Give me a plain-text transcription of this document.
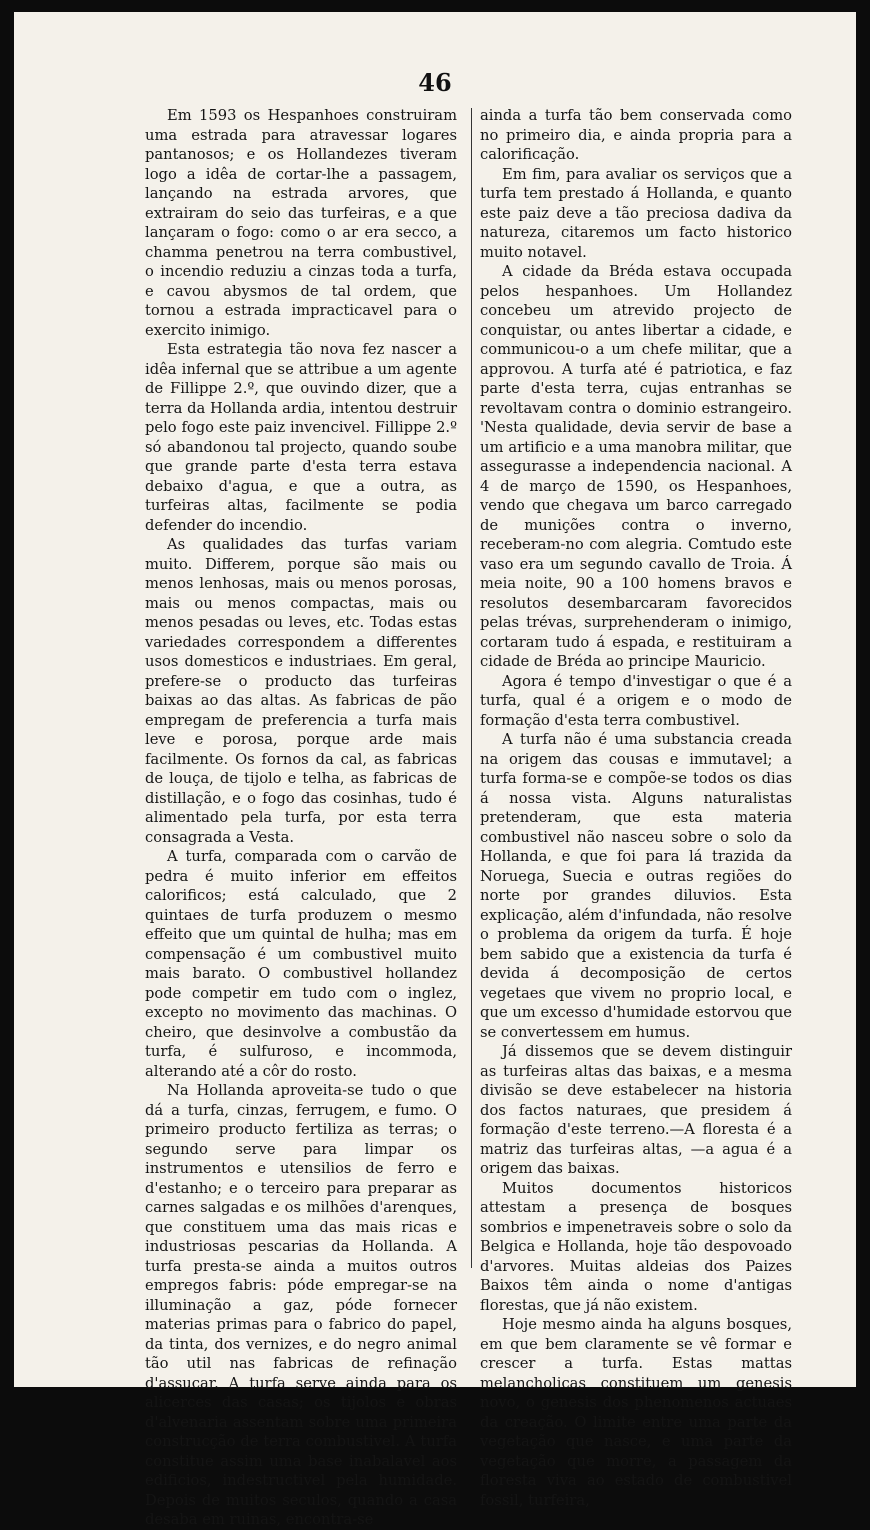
46

Em 1593 os Hespanhoes construiram uma estrada para atravessar logares pantanosos; e os Hollandezes tiveram logo a idêa de cortar-lhe a passagem, lançando na estrada arvores, que extrairam do seio das turfeiras, e a que lançaram o fogo: como o ar era secco, a chamma penetrou na terra combustivel, o incendio reduziu a cinzas toda a turfa, e cavou abysmos de tal ordem, que tornou a estrada impracticavel para o exercito inimigo.

Esta estrategia tão nova fez nascer a idêa infernal que se attribue a um agente de Fillippe 2.º, que ouvindo dizer, que a terra da Hollanda ardia, intentou destruir pelo fogo este paiz invencivel. Fillippe 2.º só abandonou tal projecto, quando soube que grande parte d'esta terra estava debaixo d'agua, e que a outra, as turfeiras altas, facilmente se podia defender do incendio.

As qualidades das turfas variam muito. Differem, porque são mais ou menos lenhosas, mais ou menos porosas, mais ou menos compactas, mais ou menos pesadas ou leves, etc. Todas estas variedades correspondem a differentes usos domesticos e industriaes. Em geral, prefere-se o producto das turfeiras baixas ao das altas. As fabricas de pão empregam de preferencia a turfa mais leve e porosa, porque arde mais facilmente. Os fornos da cal, as fabricas de louça, de tijolo e telha, as fabricas de distillação, e o fogo das cosinhas, tudo é alimentado pela turfa, por esta terra consagrada a Vesta.

A turfa, comparada com o carvão de pedra é muito inferior em effeitos calorificos; está calculado, que 2 quintaes de turfa produzem o mesmo effeito que um quintal de hulha; mas em compensação é um combustivel muito mais barato. O combustivel hollandez pode competir em tudo com o inglez, excepto no movimento das machinas. O cheiro, que desinvolve a combustão da turfa, é sulfuroso, e incommoda, alterando até a côr do rosto.

Na Hollanda aproveita-se tudo o que dá a turfa, cinzas, ferrugem, e fumo. O primeiro producto fertiliza as terras; o segundo serve para limpar os instrumentos e utensilios de ferro e d'estanho; e o terceiro para preparar as carnes salgadas e os milhões d'arenques, que constituem uma das mais ricas e industriosas pescarias da Hollanda. A turfa presta-se ainda a muitos outros empregos fabris: póde empregar-se na illuminação a gaz, póde fornecer materias primas para o fabrico do papel, da tinta, dos vernizes, e do negro animal tão util nas fabricas de refinação d'assucar. A turfa serve ainda para os alicerces das casas; os tijolos e obras d'alvenaria assentam sobre uma primeira construcção de terra combustivel. A turfa constitue assim uma base inabalavel aos edificios, indestructivel pela humidade. Depois de muitos seculos, quando a casa desaba em ruinas, encontra-se

ainda a turfa tão bem conservada como no primeiro dia, e ainda propria para a calorificação.

Em fim, para avaliar os serviços que a turfa tem prestado á Hollanda, e quanto este paiz deve a tão preciosa dadiva da natureza, citaremos um facto historico muito notavel.

A cidade da Bréda estava occupada pelos hespanhoes. Um Hollandez concebeu um atrevido projecto de conquistar, ou antes libertar a cidade, e communicou-o a um chefe militar, que a approvou. A turfa até é patriotica, e faz parte d'esta terra, cujas entranhas se revoltavam contra o dominio estrangeiro. 'Nesta qualidade, devia servir de base a um artificio e a uma manobra militar, que assegurasse a independencia nacional. A 4 de março de 1590, os Hespanhoes, vendo que chegava um barco carregado de munições contra o inverno, receberam-no com alegria. Comtudo este vaso era um segundo cavallo de Troia. Á meia noite, 90 a 100 homens bravos e resolutos desembarcaram favorecidos pelas trévas, surprehenderam o inimigo, cortaram tudo á espada, e restituiram a cidade de Bréda ao principe Mauricio.

Agora é tempo d'investigar o que é a turfa, qual é a origem e o modo de formação d'esta terra combustivel.

A turfa não é uma substancia creada na origem das cousas e immutavel; a turfa forma-se e compõe-se todos os dias á nossa vista. Alguns naturalistas pretenderam, que esta materia combustivel não nasceu sobre o solo da Hollanda, e que foi para lá trazida da Noruega, Suecia e outras regiões do norte por grandes diluvios. Esta explicação, além d'infundada, não resolve o problema da origem da turfa. É hoje bem sabido que a existencia da turfa é devida á decomposição de certos vegetaes que vivem no proprio local, e que um excesso d'humidade estorvou que se convertessem em humus.

Já dissemos que se devem distinguir as turfeiras altas das baixas, e a mesma divisão se deve estabelecer na historia dos factos naturaes, que presidem á formação d'este terreno.—A floresta é a matriz das turfeiras altas, —a agua é a origem das baixas.

Muitos documentos historicos attestam a presença de bosques sombrios e impenetraveis sobre o solo da Belgica e Hollanda, hoje tão despovoado d'arvores. Muitas aldeias dos Paizes Baixos têm ainda o nome d'antigas florestas, que já não existem.

Hoje mesmo ainda ha alguns bosques, em que bem claramente se vê formar e crescer a turfa. Estas mattas melancholicas constituem um genesis novo, o genesis dos phenomenos actuaes da creação. O limite entre uma parte da vegetação que nasce, e uma parte da vegetação que morre, a passagem da floresta viva ao estado de combustivel fossil, turfeira,
